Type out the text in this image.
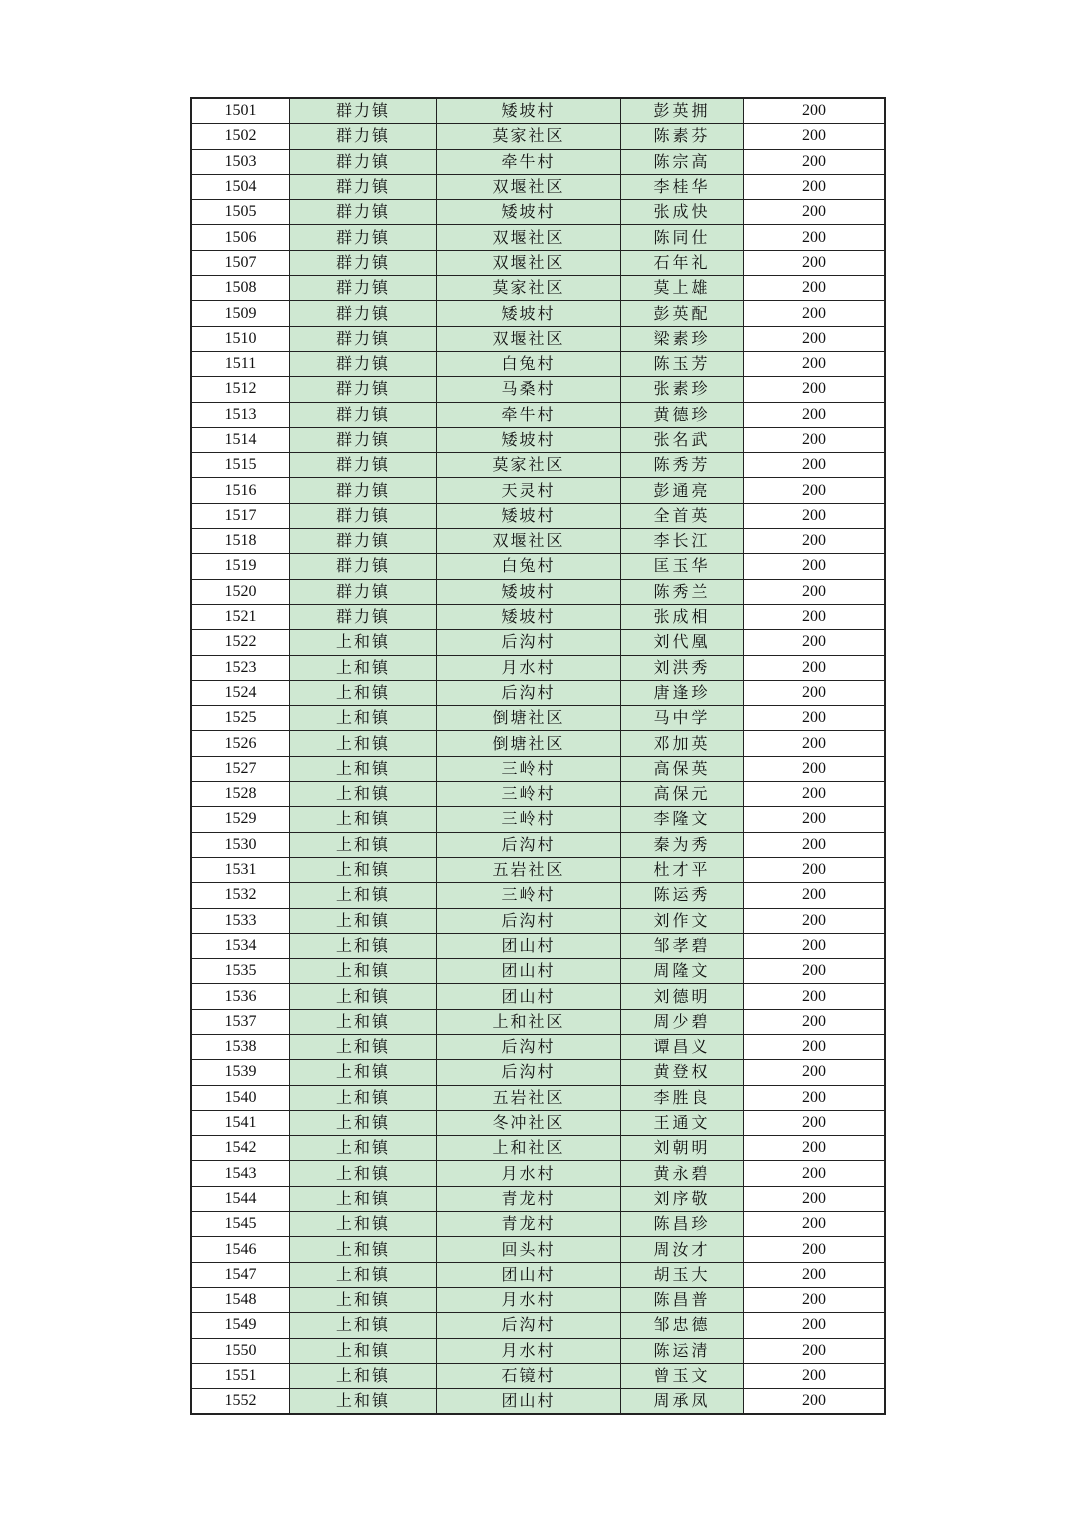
1501	群力镇	矮坡村	彭英拥	200
1502	群力镇	莫家社区	陈素芬	200
1503	群力镇	牵牛村	陈宗高	200
1504	群力镇	双堰社区	李桂华	200
1505	群力镇	矮坡村	张成快	200
1506	群力镇	双堰社区	陈同仕	200
1507	群力镇	双堰社区	石年礼	200
1508	群力镇	莫家社区	莫上雄	200
1509	群力镇	矮坡村	彭英配	200
1510	群力镇	双堰社区	梁素珍	200
1511	群力镇	白兔村	陈玉芳	200
1512	群力镇	马桑村	张素珍	200
1513	群力镇	牵牛村	黄德珍	200
1514	群力镇	矮坡村	张名武	200
1515	群力镇	莫家社区	陈秀芳	200
1516	群力镇	天灵村	彭通亮	200
1517	群力镇	矮坡村	全首英	200
1518	群力镇	双堰社区	李长江	200
1519	群力镇	白兔村	匡玉华	200
1520	群力镇	矮坡村	陈秀兰	200
1521	群力镇	矮坡村	张成相	200
1522	上和镇	后沟村	刘代凰	200
1523	上和镇	月水村	刘洪秀	200
1524	上和镇	后沟村	唐逢珍	200
1525	上和镇	倒塘社区	马中学	200
1526	上和镇	倒塘社区	邓加英	200
1527	上和镇	三岭村	高保英	200
1528	上和镇	三岭村	高保元	200
1529	上和镇	三岭村	李隆文	200
1530	上和镇	后沟村	秦为秀	200
1531	上和镇	五岩社区	杜才平	200
1532	上和镇	三岭村	陈运秀	200
1533	上和镇	后沟村	刘作文	200
1534	上和镇	团山村	邹孝碧	200
1535	上和镇	团山村	周隆文	200
1536	上和镇	团山村	刘德明	200
1537	上和镇	上和社区	周少碧	200
1538	上和镇	后沟村	谭昌义	200
1539	上和镇	后沟村	黄登权	200
1540	上和镇	五岩社区	李胜良	200
1541	上和镇	冬冲社区	王通文	200
1542	上和镇	上和社区	刘朝明	200
1543	上和镇	月水村	黄永碧	200
1544	上和镇	青龙村	刘序敬	200
1545	上和镇	青龙村	陈昌珍	200
1546	上和镇	回头村	周汝才	200
1547	上和镇	团山村	胡玉大	200
1548	上和镇	月水村	陈昌普	200
1549	上和镇	后沟村	邹忠德	200
1550	上和镇	月水村	陈运清	200
1551	上和镇	石镜村	曾玉文	200
1552	上和镇	团山村	周承凤	200
